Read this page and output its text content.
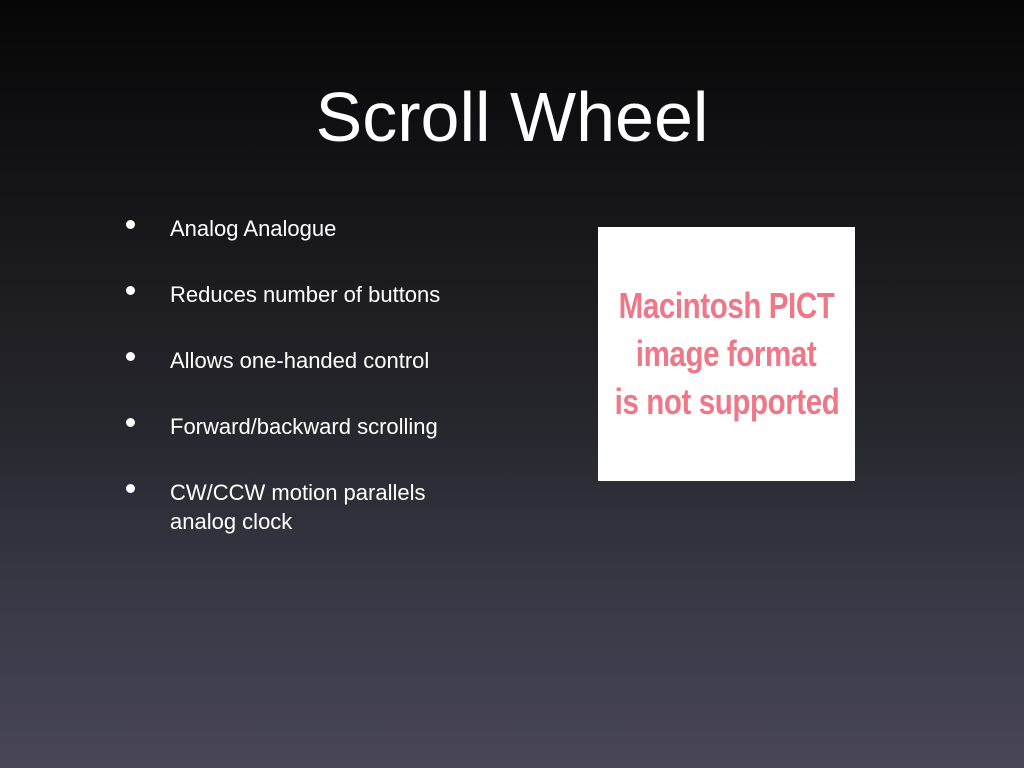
Scroll Wheel
Analog Analogue
Reduces number of buttons
Allows one-handed control
Forward/backward scrolling
CW/CCW motion parallels analog clock
Macintosh PICT
image format
is not supported
